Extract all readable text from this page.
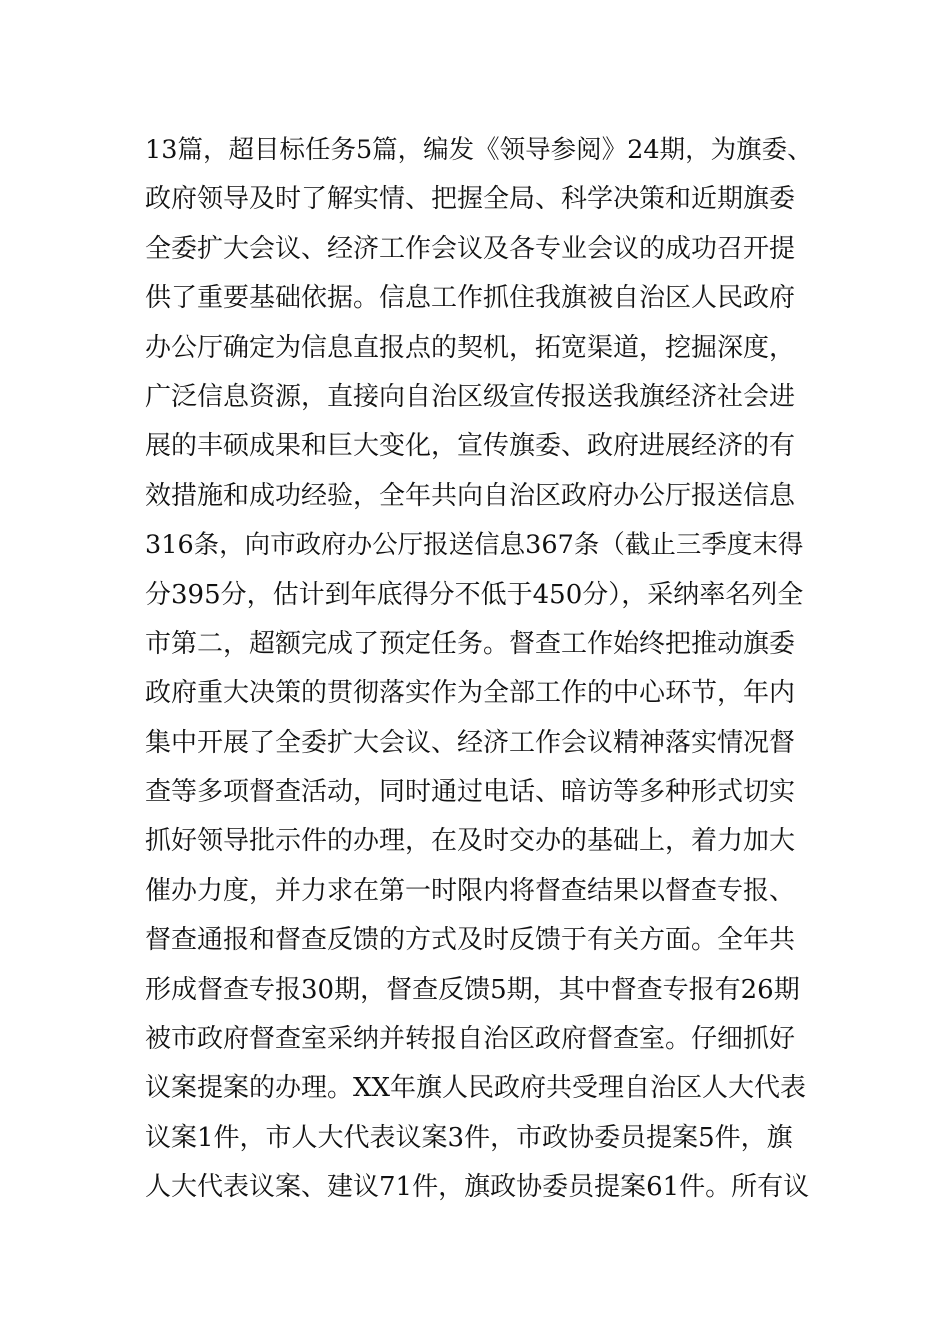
13篇，超目标任务5篇，编发《领导参阅》24期，为旗委、
政府领导及时了解实情、把握全局、科学决策和近期旗委
全委扩大会议、经济工作会议及各专业会议的成功召开提
供了重要基础依据。信息工作抓住我旗被自治区人民政府
办公厅确定为信息直报点的契机，拓宽渠道，挖掘深度，
广泛信息资源，直接向自治区级宣传报送我旗经济社会进
展的丰硕成果和巨大变化，宣传旗委、政府进展经济的有
效措施和成功经验，全年共向自治区政府办公厅报送信息
316条，向市政府办公厅报送信息367条（截止三季度末得
分395分，估计到年底得分不低于450分），采纳率名列全
市第二，超额完成了预定任务。督查工作始终把推动旗委
政府重大决策的贯彻落实作为全部工作的中心环节，年内
集中开展了全委扩大会议、经济工作会议精神落实情况督
查等多项督查活动，同时通过电话、暗访等多种形式切实
抓好领导批示件的办理，在及时交办的基础上，着力加大
催办力度，并力求在第一时限内将督查结果以督查专报、
督查通报和督查反馈的方式及时反馈于有关方面。全年共
形成督查专报30期，督查反馈5期，其中督查专报有26期
被市政府督查室采纳并转报自治区政府督查室。仔细抓好
议案提案的办理。XX年旗人民政府共受理自治区人大代表
议案1件，市人大代表议案3件，市政协委员提案5件，旗
人大代表议案、建议71件，旗政协委员提案61件。所有议
